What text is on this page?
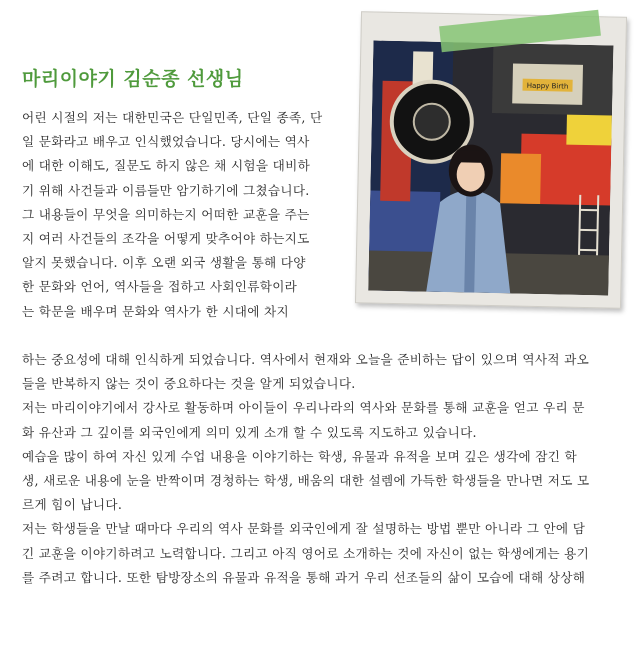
마리이야기 김순종 선생님	Happy Birth
어린 시절의 저는 대한민국은 단일민족, 단일 종족, 단
일 문화라고 배우고 인식했었습니다. 당시에는 역사
에 대한 이해도, 질문도 하지 않은 채 시험을 대비하
기 위해 사건들과 이름들만 암기하기에 그쳤습니다.
그 내용들이 무엇을 의미하는지 어떠한 교훈을 주는
지 여러 사건들의 조각을 어떻게 맞추어야 하는지도
알지 못했습니다. 이후 오랜 외국 생활을 통해 다양
한 문화와 언어, 역사들을 접하고 사회인류학이라
는 학문을 배우며 문화와 역사가 한 시대에 차지
하는 중요성에 대해 인식하게 되었습니다. 역사에서 현재와 오늘을 준비하는 답이 있으며 역사적 과오
들을 반복하지 않는 것이 중요하다는 것을 알게 되었습니다.
저는 마리이야기에서 강사로 활동하며 아이들이 우리나라의 역사와 문화를 통해 교훈을 얻고 우리 문
화 유산과 그 깊이를 외국인에게 의미 있게 소개 할 수 있도록 지도하고 있습니다.
예습을 많이 하여 자신 있게 수업 내용을 이야기하는 학생, 유물과 유적을 보며 깊은 생각에 잠긴 학
생, 새로운 내용에 눈을 반짝이며 경청하는 학생, 배움의 대한 설렘에 가득한 학생들을 만나면 저도 모
르게 힘이 납니다.
저는 학생들을 만날 때마다 우리의 역사 문화를 외국인에게 잘 설명하는 방법 뿐만 아니라 그 안에 담
긴 교훈을 이야기하려고 노력합니다. 그리고 아직 영어로 소개하는 것에 자신이 없는 학생에게는 용기
를 주려고 합니다. 또한 탐방장소의 유물과 유적을 통해 과거 우리 선조들의 삶이 모습에 대해 상상해
